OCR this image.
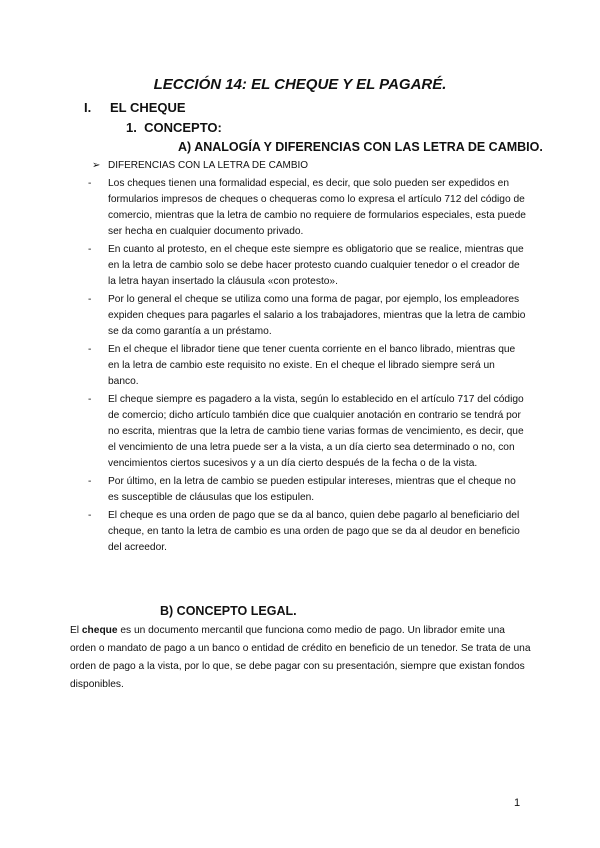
LECCIÓN 14: EL CHEQUE Y EL PAGARÉ.
I. EL CHEQUE
1. CONCEPTO:
A) ANALOGÍA Y DIFERENCIAS CON LAS LETRA DE CAMBIO.

➢ DIFERENCIAS CON LA LETRA DE CAMBIO

- Los cheques tienen una formalidad especial, es decir, que solo pueden ser expedidos en formularios impresos de cheques o chequeras como lo expresa el artículo 712 del código de comercio, mientras que la letra de cambio no requiere de formularios especiales, esta puede ser hecha en cualquier documento privado.
- En cuanto al protesto, en el cheque este siempre es obligatorio que se realice, mientras que en la letra de cambio solo se debe hacer protesto cuando cualquier tenedor o el creador de la letra hayan insertado la cláusula «con protesto».
- Por lo general el cheque se utiliza como una forma de pagar, por ejemplo, los empleadores expiden cheques para pagarles el salario a los trabajadores, mientras que la letra de cambio se da como garantía a un préstamo.
- En el cheque el librador tiene que tener cuenta corriente en el banco librado, mientras que en la letra de cambio este requisito no existe. En el cheque el librado siempre será un banco.
- El cheque siempre es pagadero a la vista, según lo establecido en el artículo 717 del código de comercio; dicho artículo también dice que cualquier anotación en contrario se tendrá por no escrita, mientras que la letra de cambio tiene varias formas de vencimiento, es decir, que el vencimiento de una letra puede ser a la vista, a un día cierto sea determinado o no, con vencimientos ciertos sucesivos y a un día cierto después de la fecha o de la vista.
- Por último, en la letra de cambio se pueden estipular intereses, mientras que el cheque no es susceptible de cláusulas que los estipulen.
- El cheque es una orden de pago que se da al banco, quien debe pagarlo al beneficiario del cheque, en tanto la letra de cambio es una orden de pago que se da al deudor en beneficio del acreedor.
B) CONCEPTO LEGAL.

El cheque es un documento mercantil que funciona como medio de pago. Un librador emite una orden o mandato de pago a un banco o entidad de crédito en beneficio de un tenedor. Se trata de una orden de pago a la vista, por lo que, se debe pagar con su presentación, siempre que existan fondos disponibles.

1
